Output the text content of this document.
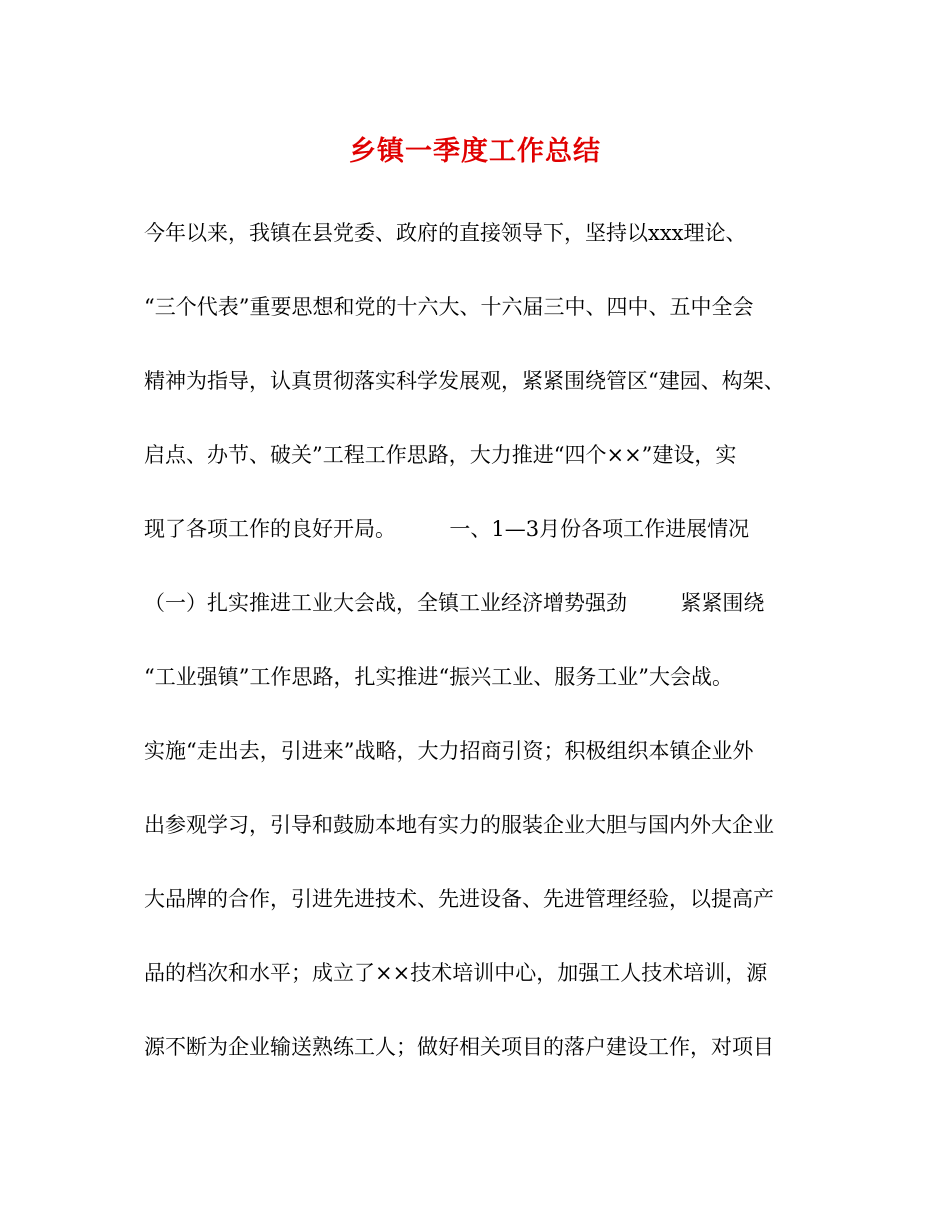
乡镇一季度工作总结
今年以来，我镇在县党委、政府的直接领导下，坚持以xxx理论、
“三个代表”重要思想和党的十六大、十六届三中、四中、五中全会
精神为指导，认真贯彻落实科学发展观，紧紧围绕管区“建园、构架、
启点、办节、破关”工程工作思路，大力推进“四个××”建设，实
现了各项工作的良好开局。        一、1—3月份各项工作进展情况
（一）扎实推进工业大会战，全镇工业经济增势强劲        紧紧围绕
“工业强镇”工作思路，扎实推进“振兴工业、服务工业”大会战。
实施“走出去，引进来”战略，大力招商引资；积极组织本镇企业外
出参观学习，引导和鼓励本地有实力的服装企业大胆与国内外大企业
大品牌的合作，引进先进技术、先进设备、先进管理经验，以提高产
品的档次和水平；成立了××技术培训中心，加强工人技术培训，源
源不断为企业输送熟练工人；做好相关项目的落户建设工作，对项目
